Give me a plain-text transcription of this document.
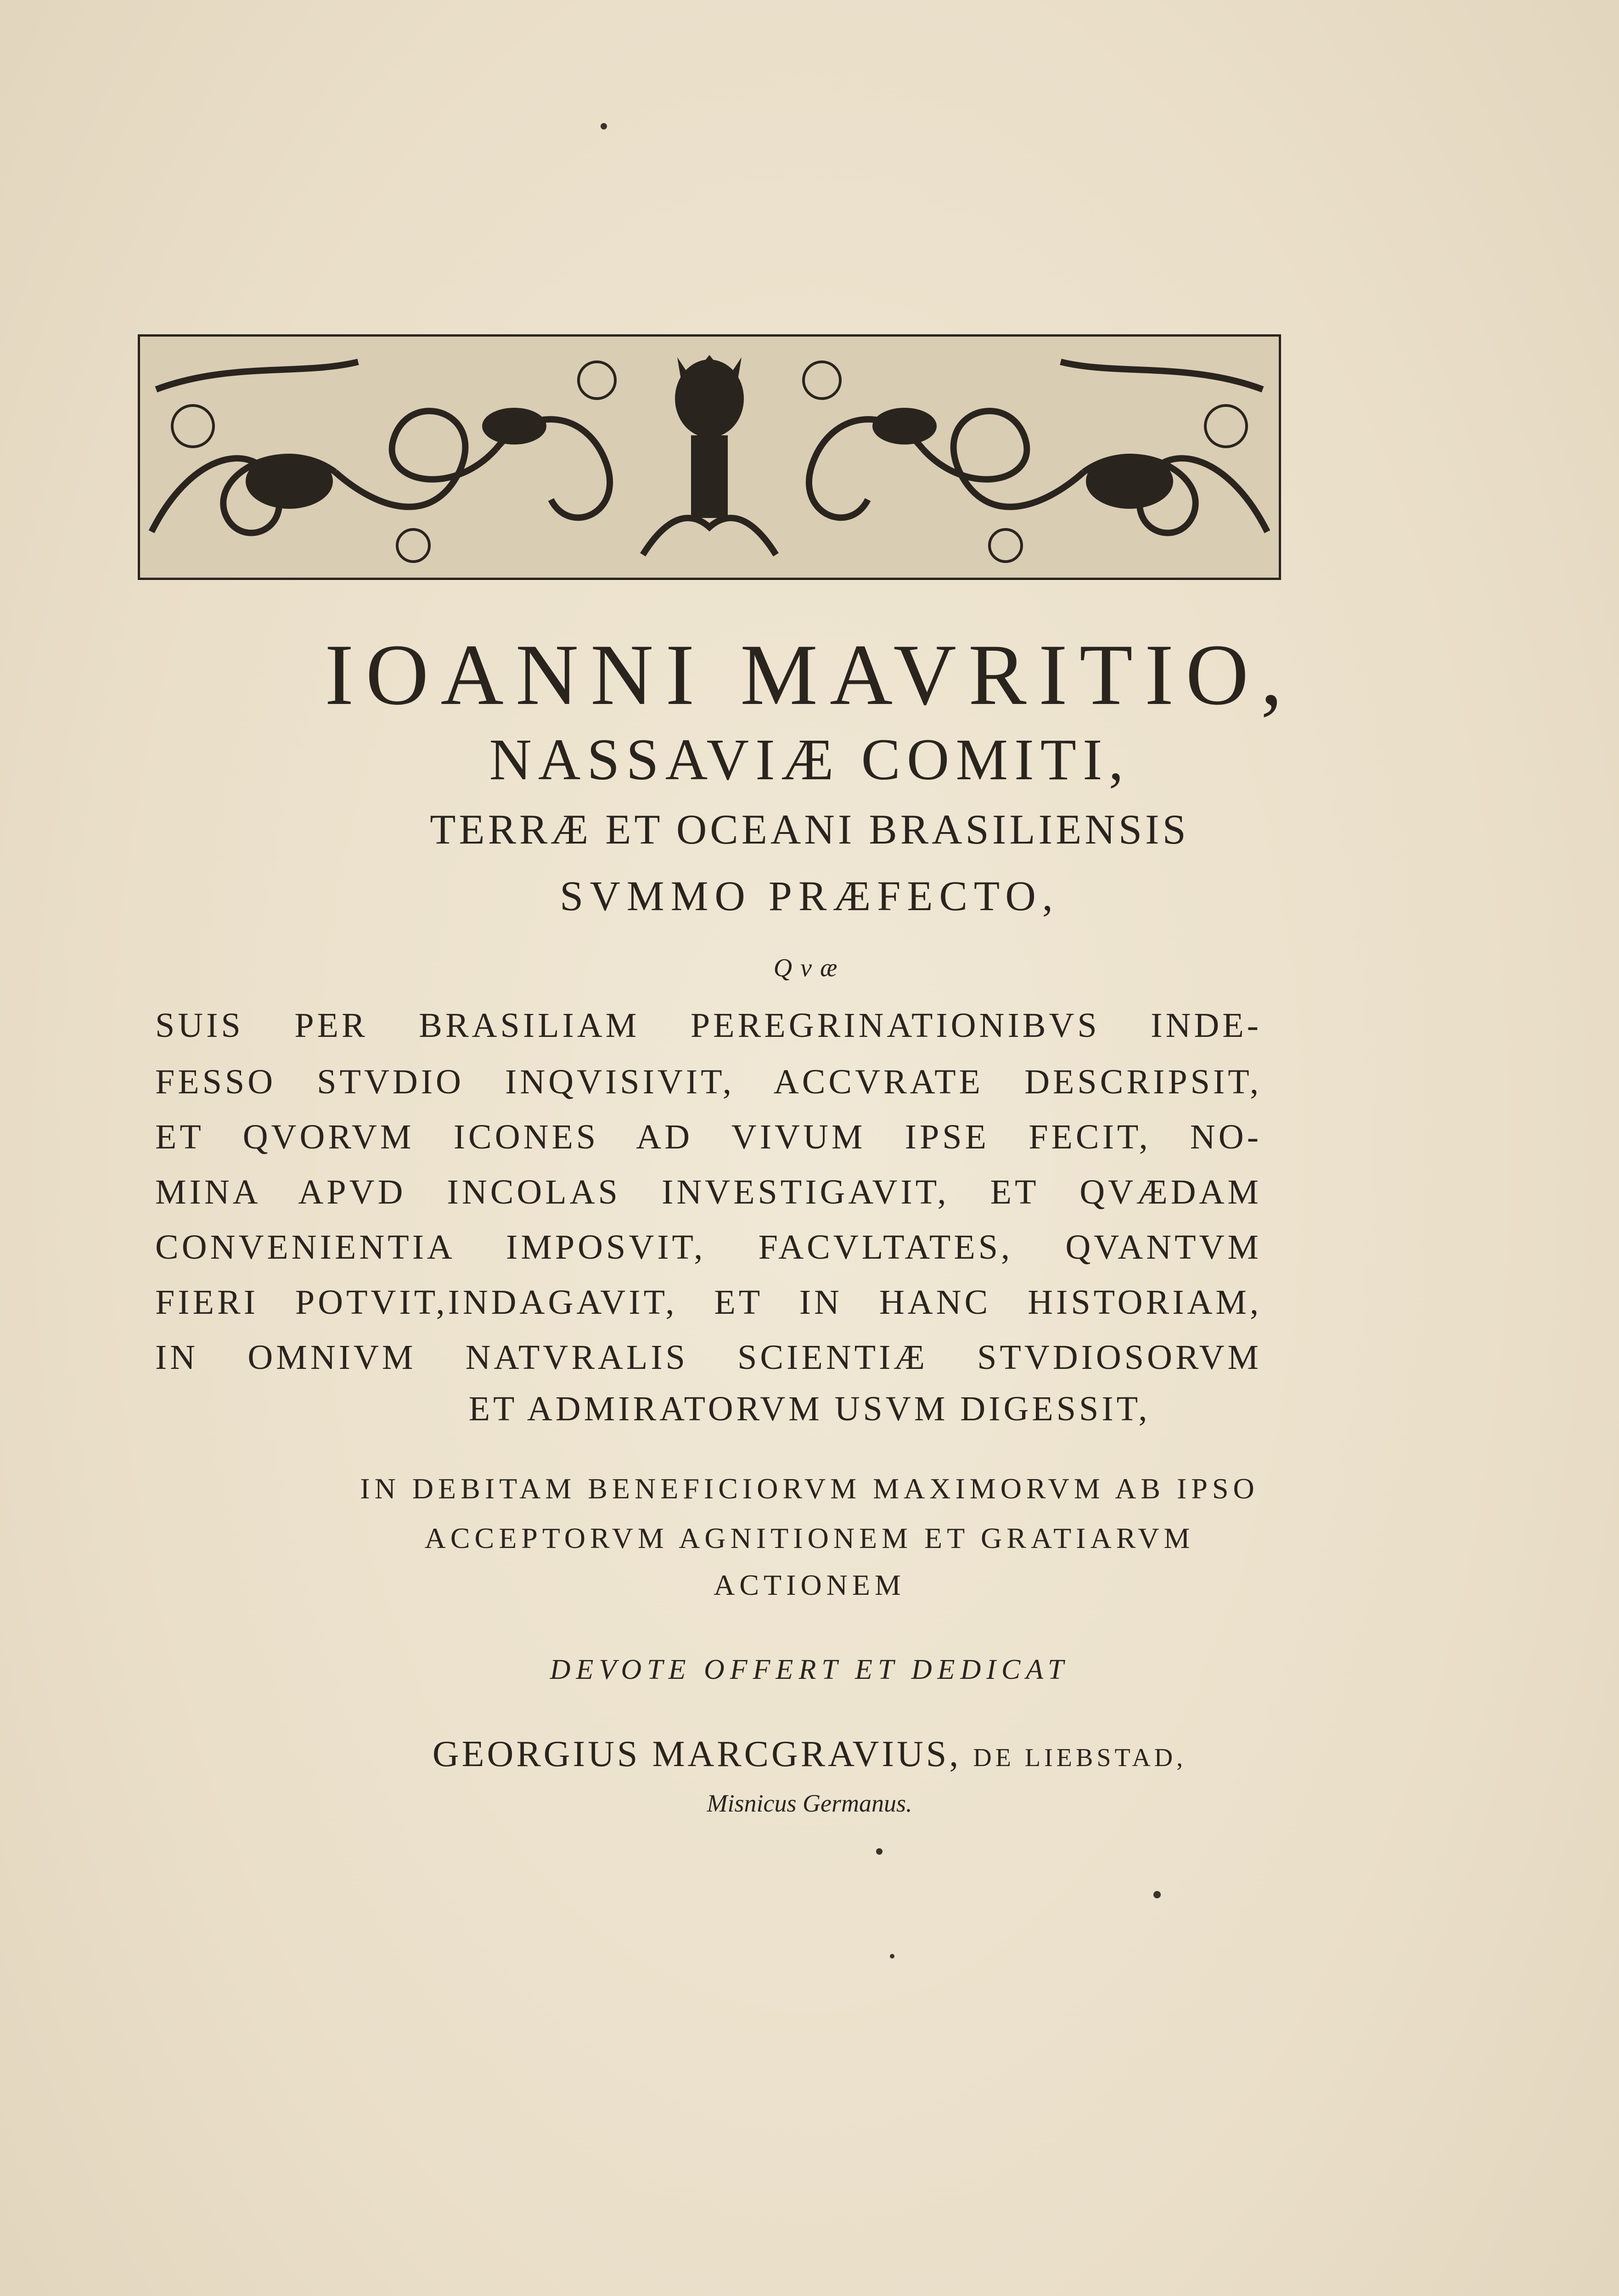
IOANNI MAVRITIO,
NASSAVIÆ COMITI,
TERRÆ ET OCEANI BRASILIENSIS
SVMMO PRÆFECTO,
Qvæ
SUIS PER BRASILIAM PEREGRINATIONIBVS INDE-
FESSO STVDIO INQVISIVIT, ACCVRATE DESCRIPSIT,
ET QVORVM ICONES AD VIVUM IPSE FECIT, NO-
MINA APVD INCOLAS INVESTIGAVIT, ET QVÆDAM
CONVENIENTIA IMPOSVIT, FACVLTATES, QVANTVM
FIERI POTVIT,INDAGAVIT, ET IN HANC HISTORIAM,
IN OMNIVM NATVRALIS SCIENTIÆ STVDIOSORVM
ET ADMIRATORVM USVM DIGESSIT,
IN DEBITAM BENEFICIORVM MAXIMORVM AB IPSO
ACCEPTORVM AGNITIONEM ET GRATIARVM
ACTIONEM
DEVOTE OFFERT ET DEDICAT
GEORGIUS MARCGRAVIUS, DE LIEBSTAD,
Misnicus Germanus.
